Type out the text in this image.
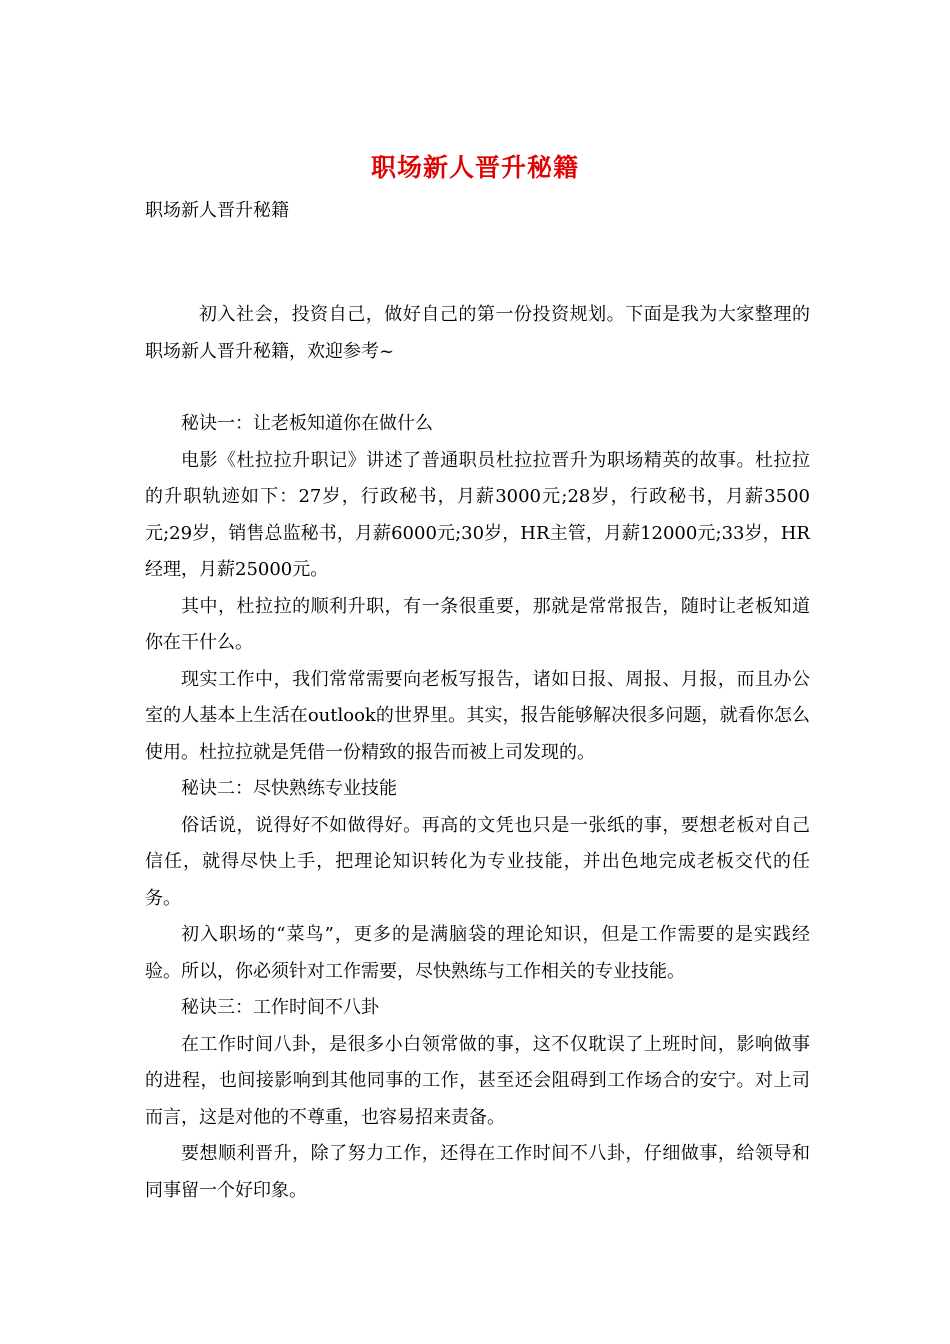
职场新人晋升秘籍
职场新人晋升秘籍

初入社会，投资自己，做好自己的第一份投资规划。下面是我为大家整理的职场新人晋升秘籍，欢迎参考~

秘诀一：让老板知道你在做什么

电影《杜拉拉升职记》讲述了普通职员杜拉拉晋升为职场精英的故事。杜拉拉的升职轨迹如下：27岁，行政秘书，月薪3000元;28岁，行政秘书，月薪3500元;29岁，销售总监秘书，月薪6000元;30岁，HR主管，月薪12000元;33岁，HR经理，月薪25000元。

其中，杜拉拉的顺利升职，有一条很重要，那就是常常报告，随时让老板知道你在干什么。

现实工作中，我们常常需要向老板写报告，诸如日报、周报、月报，而且办公室的人基本上生活在outlook的世界里。其实，报告能够解决很多问题，就看你怎么使用。杜拉拉就是凭借一份精致的报告而被上司发现的。

秘诀二：尽快熟练专业技能

俗话说，说得好不如做得好。再高的文凭也只是一张纸的事，要想老板对自己信任，就得尽快上手，把理论知识转化为专业技能，并出色地完成老板交代的任务。

初入职场的“菜鸟”，更多的是满脑袋的理论知识，但是工作需要的是实践经验。所以，你必须针对工作需要，尽快熟练与工作相关的专业技能。

秘诀三：工作时间不八卦

在工作时间八卦，是很多小白领常做的事，这不仅耽误了上班时间，影响做事的进程，也间接影响到其他同事的工作，甚至还会阻碍到工作场合的安宁。对上司而言，这是对他的不尊重，也容易招来责备。

要想顺利晋升，除了努力工作，还得在工作时间不八卦，仔细做事，给领导和同事留一个好印象。
